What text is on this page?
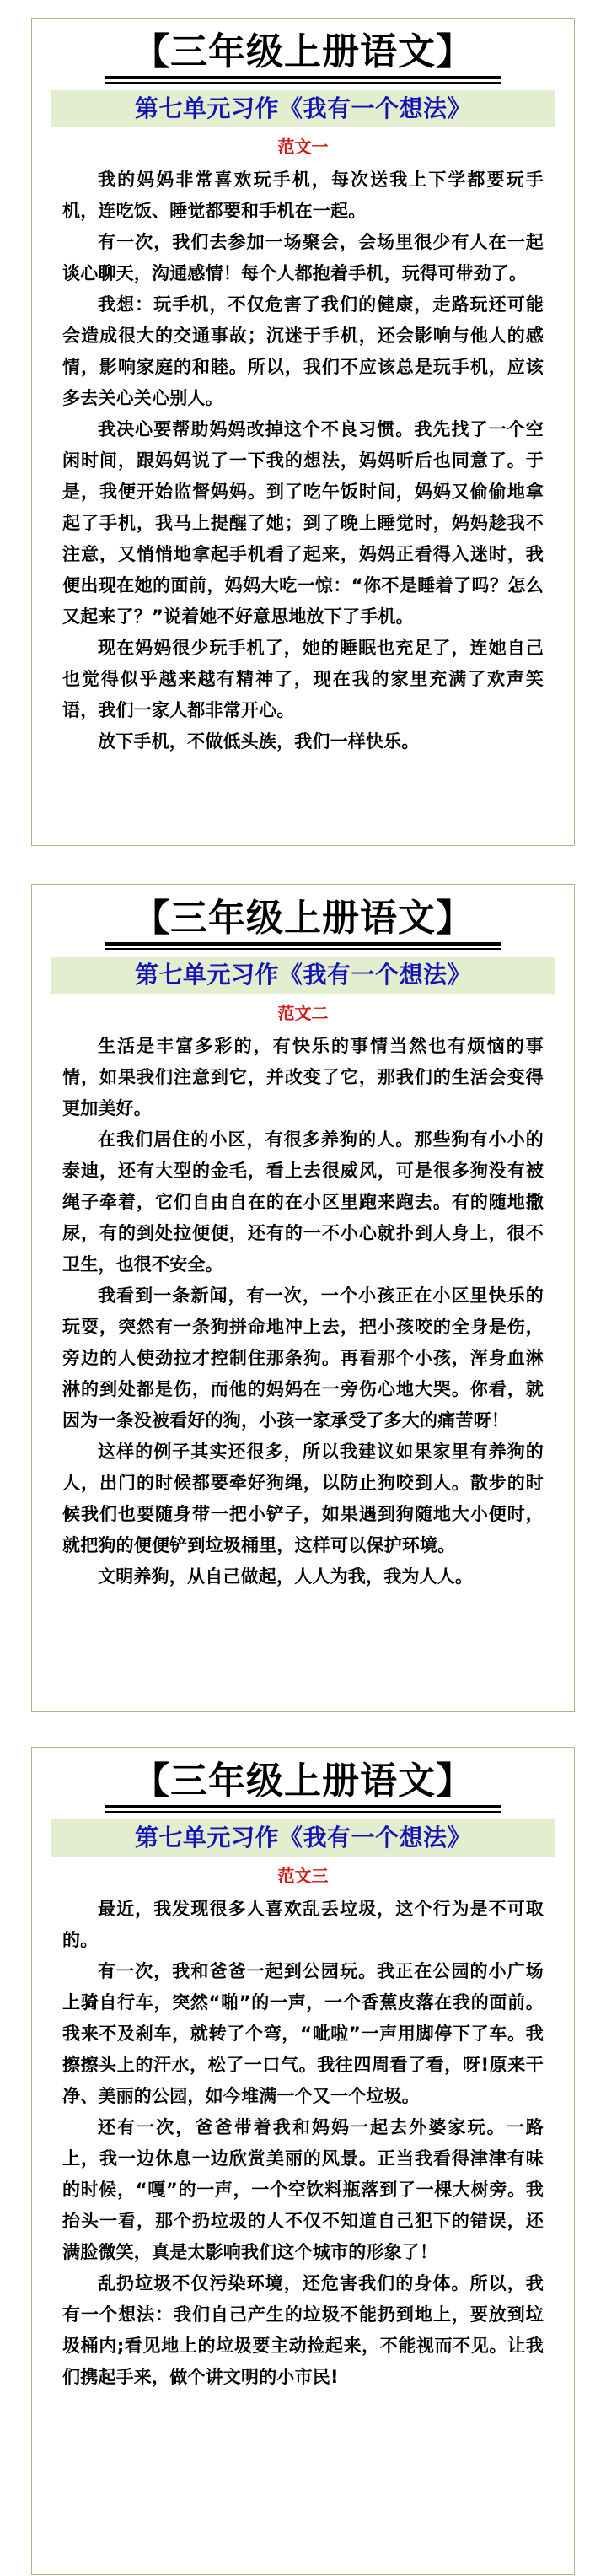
【三年级上册语文】
第七单元习作《我有一个想法》
范文一

我的妈妈非常喜欢玩手机，每次送我上下学都要玩手机，连吃饭、睡觉都要和手机在一起。

有一次，我们去参加一场聚会，会场里很少有人在一起谈心聊天，沟通感情！每个人都抱着手机，玩得可带劲了。

我想：玩手机，不仅危害了我们的健康，走路玩还可能会造成很大的交通事故；沉迷于手机，还会影响与他人的感情，影响家庭的和睦。所以，我们不应该总是玩手机，应该多去关心关心别人。

我决心要帮助妈妈改掉这个不良习惯。我先找了一个空闲时间，跟妈妈说了一下我的想法，妈妈听后也同意了。于是，我便开始监督妈妈。到了吃午饭时间，妈妈又偷偷地拿起了手机，我马上提醒了她；到了晚上睡觉时，妈妈趁我不注意，又悄悄地拿起手机看了起来，妈妈正看得入迷时，我便出现在她的面前，妈妈大吃一惊：“你不是睡着了吗？怎么又起来了？”说着她不好意思地放下了手机。

现在妈妈很少玩手机了，她的睡眠也充足了，连她自己也觉得似乎越来越有精神了，现在我的家里充满了欢声笑语，我们一家人都非常开心。

放下手机，不做低头族，我们一样快乐。

【三年级上册语文】
第七单元习作《我有一个想法》
范文二

生活是丰富多彩的，有快乐的事情当然也有烦恼的事情，如果我们注意到它，并改变了它，那我们的生活会变得更加美好。

在我们居住的小区，有很多养狗的人。那些狗有小小的泰迪，还有大型的金毛，看上去很威风，可是很多狗没有被绳子牵着，它们自由自在的在小区里跑来跑去。有的随地撒尿，有的到处拉便便，还有的一不小心就扑到人身上，很不卫生，也很不安全。

我看到一条新闻，有一次，一个小孩正在小区里快乐的玩耍，突然有一条狗拼命地冲上去，把小孩咬的全身是伤，旁边的人使劲拉才控制住那条狗。再看那个小孩，浑身血淋淋的到处都是伤，而他的妈妈在一旁伤心地大哭。你看，就因为一条没被看好的狗，小孩一家承受了多大的痛苦呀！

这样的例子其实还很多，所以我建议如果家里有养狗的人，出门的时候都要牵好狗绳，以防止狗咬到人。散步的时候我们也要随身带一把小铲子，如果遇到狗随地大小便时，就把狗的便便铲到垃圾桶里，这样可以保护环境。

文明养狗，从自己做起，人人为我，我为人人。

【三年级上册语文】
第七单元习作《我有一个想法》
范文三

最近，我发现很多人喜欢乱丢垃圾，这个行为是不可取的。

有一次，我和爸爸一起到公园玩。我正在公园的小广场上骑自行车，突然“啪”的一声，一个香蕉皮落在我的面前。我来不及刹车，就转了个弯，“呲啦”一声用脚停下了车。我擦擦头上的汗水，松了一口气。我往四周看了看，呀!原来干净、美丽的公园，如今堆满一个又一个垃圾。

还有一次，爸爸带着我和妈妈一起去外婆家玩。一路上，我一边休息一边欣赏美丽的风景。正当我看得津津有味的时候，“嘎”的一声，一个空饮料瓶落到了一棵大树旁。我抬头一看，那个扔垃圾的人不仅不知道自己犯下的错误，还满脸微笑，真是太影响我们这个城市的形象了！

乱扔垃圾不仅污染环境，还危害我们的身体。所以，我有一个想法：我们自己产生的垃圾不能扔到地上，要放到垃圾桶内;看见地上的垃圾要主动捡起来，不能视而不见。让我们携起手来，做个讲文明的小市民!
